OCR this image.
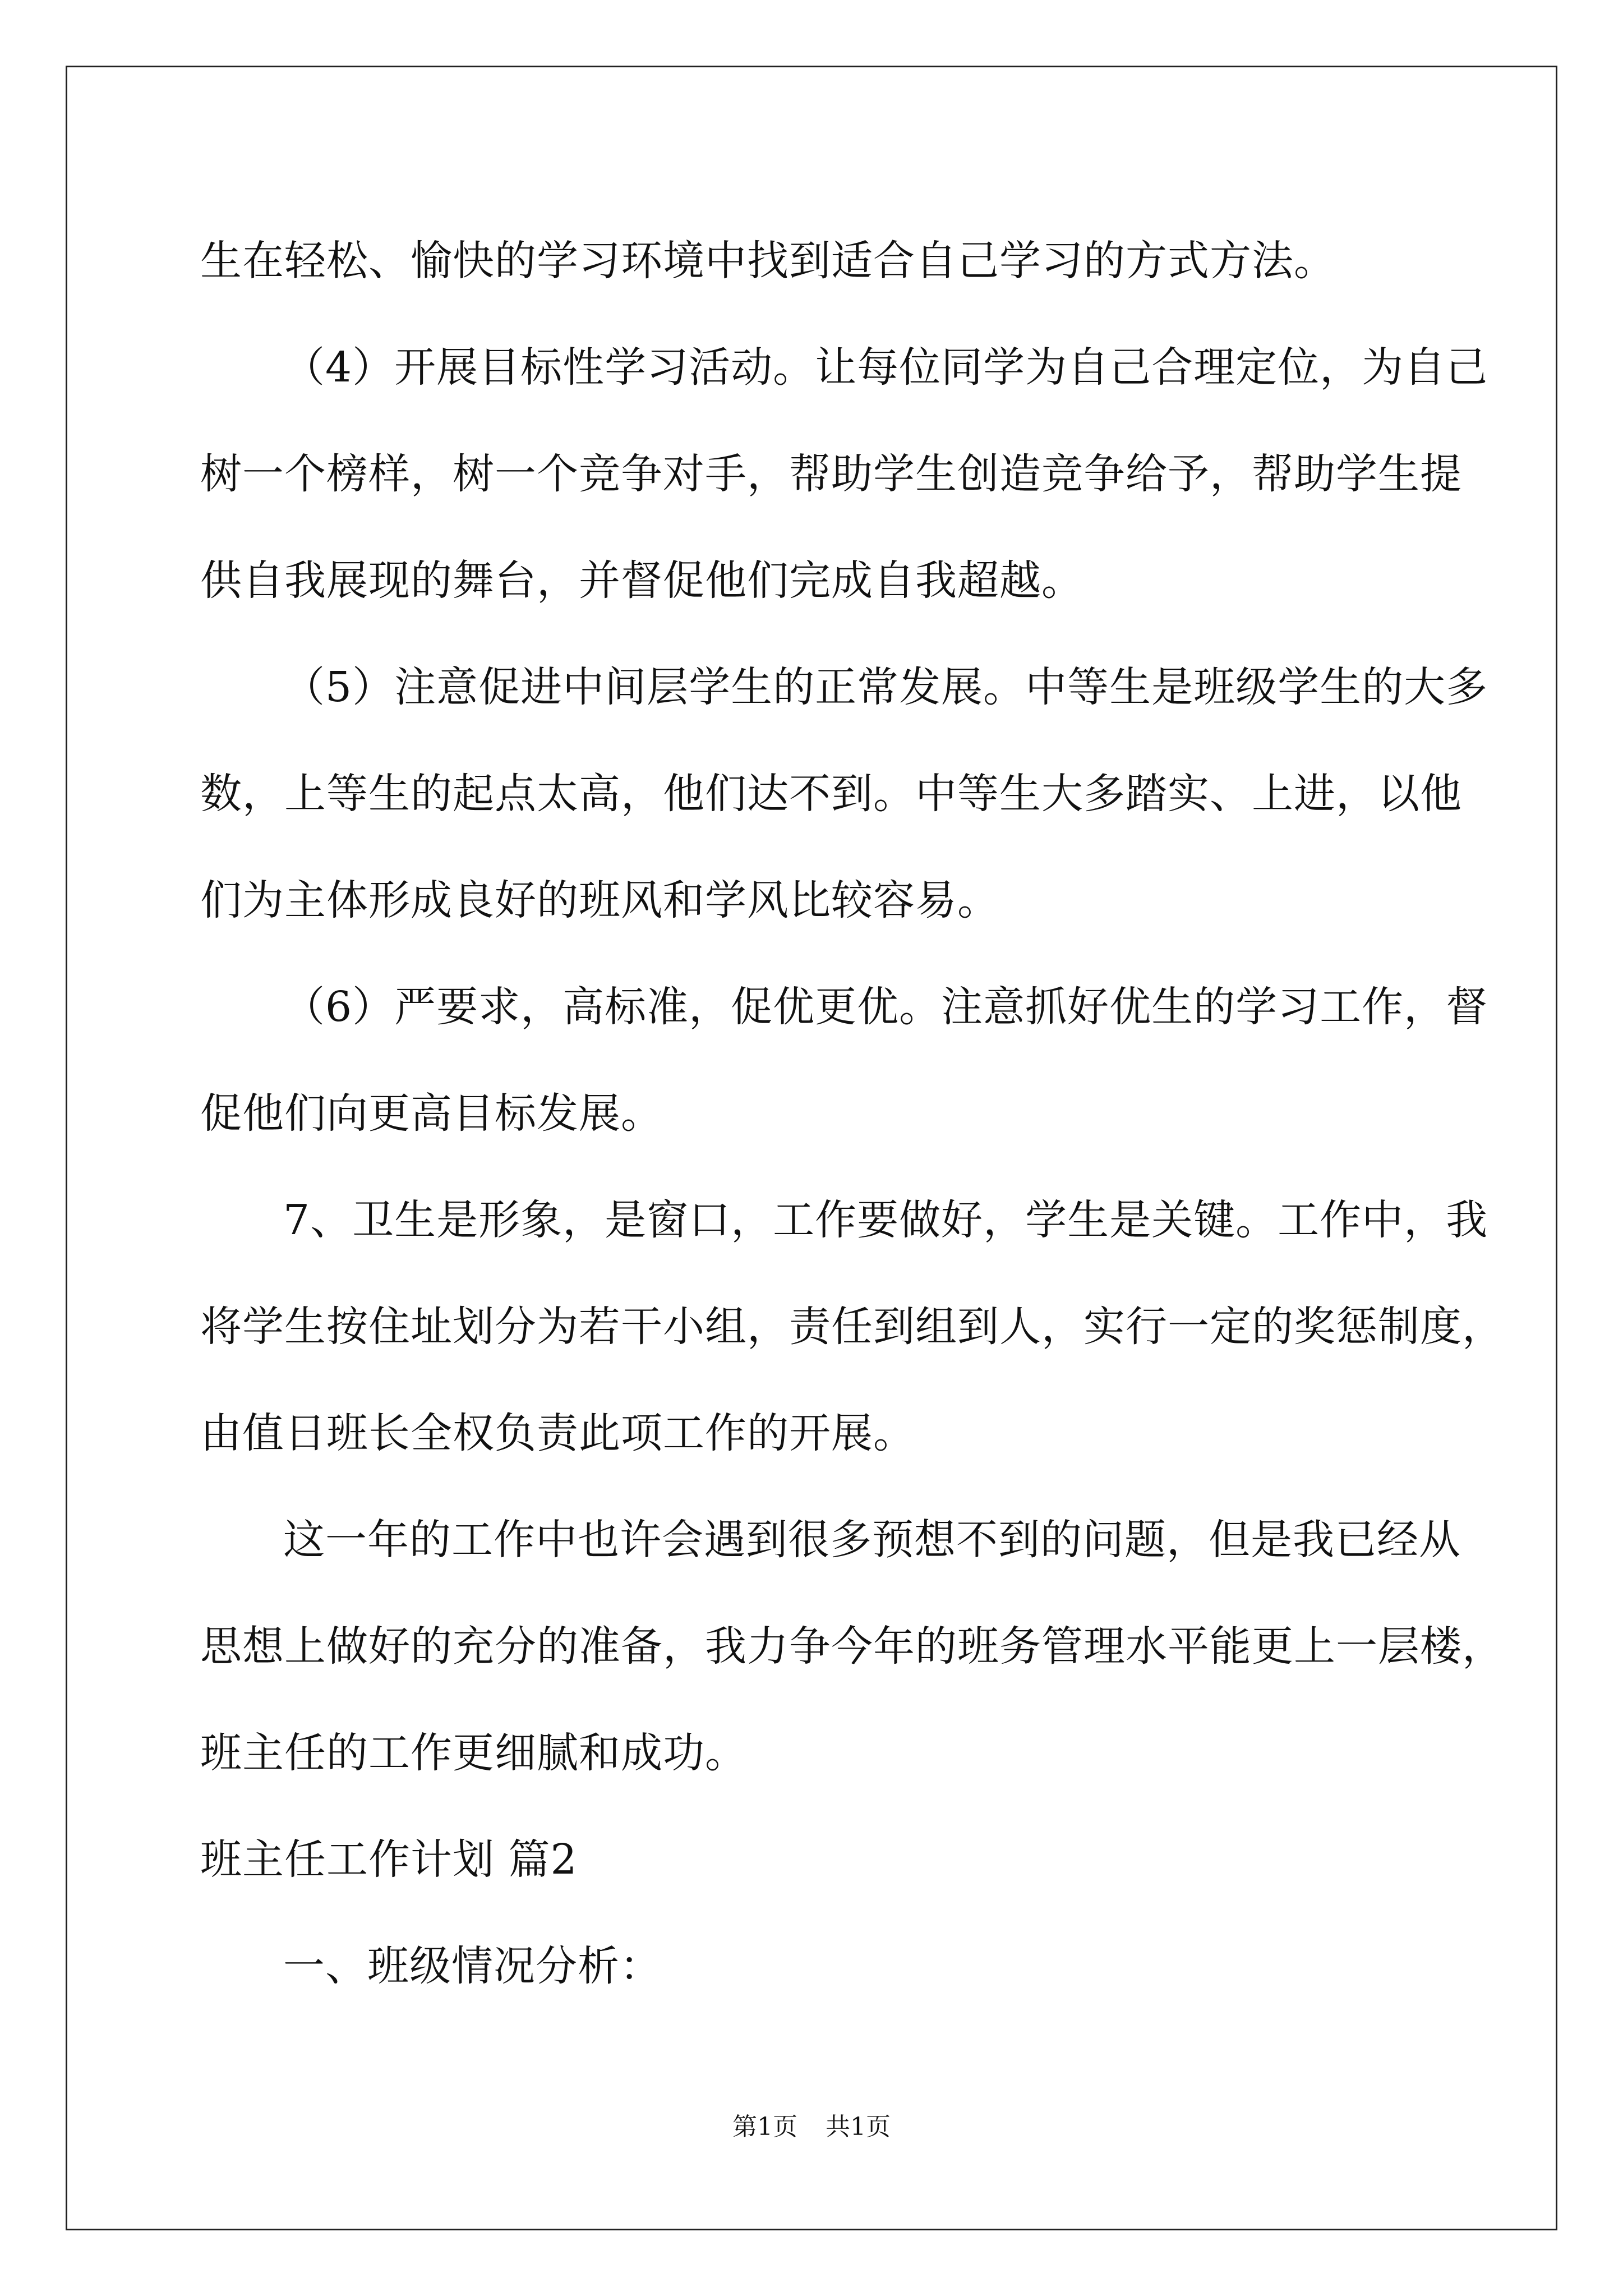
生在轻松、愉快的学习环境中找到适合自己学习的方式方法。
（4）开展目标性学习活动。让每位同学为自己合理定位，为自己
树一个榜样，树一个竞争对手，帮助学生创造竞争给予，帮助学生提
供自我展现的舞台，并督促他们完成自我超越。
（5）注意促进中间层学生的正常发展。中等生是班级学生的大多
数，上等生的起点太高，他们达不到。中等生大多踏实、上进，以他
们为主体形成良好的班风和学风比较容易。
（6）严要求，高标准，促优更优。注意抓好优生的学习工作，督
促他们向更高目标发展。
7、卫生是形象，是窗口，工作要做好，学生是关键。工作中，我
将学生按住址划分为若干小组，责任到组到人，实行一定的奖惩制度，
由值日班长全权负责此项工作的开展。
这一年的工作中也许会遇到很多预想不到的问题，但是我已经从
思想上做好的充分的准备，我力争今年的班务管理水平能更上一层楼，
班主任的工作更细腻和成功。
班主任工作计划 篇2
一、班级情况分析：
第1页 共1页
